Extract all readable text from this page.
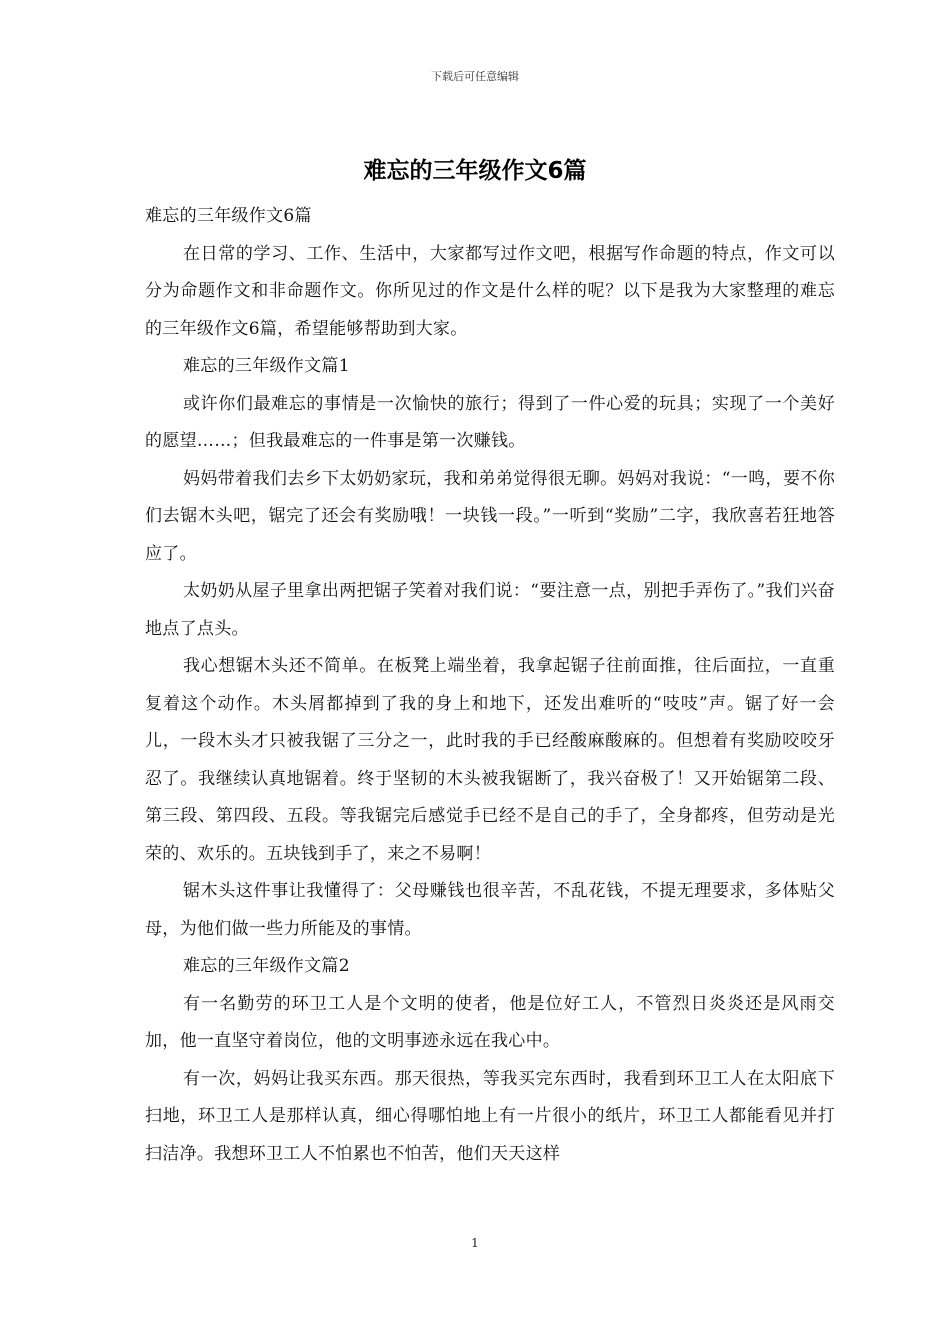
下载后可任意编辑
难忘的三年级作文6篇

难忘的三年级作文6篇

在日常的学习、工作、生活中，大家都写过作文吧，根据写作命题的特点，作文可以分为命题作文和非命题作文。你所见过的作文是什么样的呢？以下是我为大家整理的难忘的三年级作文6篇，希望能够帮助到大家。

难忘的三年级作文篇1

或许你们最难忘的事情是一次愉快的旅行；得到了一件心爱的玩具；实现了一个美好的愿望……；但我最难忘的一件事是第一次赚钱。

妈妈带着我们去乡下太奶奶家玩，我和弟弟觉得很无聊。妈妈对我说：“一鸣，要不你们去锯木头吧，锯完了还会有奖励哦！一块钱一段。”一听到“奖励”二字，我欣喜若狂地答应了。

太奶奶从屋子里拿出两把锯子笑着对我们说：“要注意一点，别把手弄伤了。”我们兴奋地点了点头。

我心想锯木头还不简单。在板凳上端坐着，我拿起锯子往前面推，往后面拉，一直重复着这个动作。木头屑都掉到了我的身上和地下，还发出难听的“吱吱”声。锯了好一会儿，一段木头才只被我锯了三分之一，此时我的手已经酸麻酸麻的。但想着有奖励咬咬牙忍了。我继续认真地锯着。终于坚韧的木头被我锯断了，我兴奋极了！又开始锯第二段、第三段、第四段、五段。等我锯完后感觉手已经不是自己的手了，全身都疼，但劳动是光荣的、欢乐的。五块钱到手了，来之不易啊！

锯木头这件事让我懂得了：父母赚钱也很辛苦，不乱花钱，不提无理要求，多体贴父母，为他们做一些力所能及的事情。

难忘的三年级作文篇2

有一名勤劳的环卫工人是个文明的使者，他是位好工人，不管烈日炎炎还是风雨交加，他一直坚守着岗位，他的文明事迹永远在我心中。

有一次，妈妈让我买东西。那天很热，等我买完东西时，我看到环卫工人在太阳底下扫地，环卫工人是那样认真，细心得哪怕地上有一片很小的纸片，环卫工人都能看见并打扫洁净。我想环卫工人不怕累也不怕苦，他们天天这样

1
